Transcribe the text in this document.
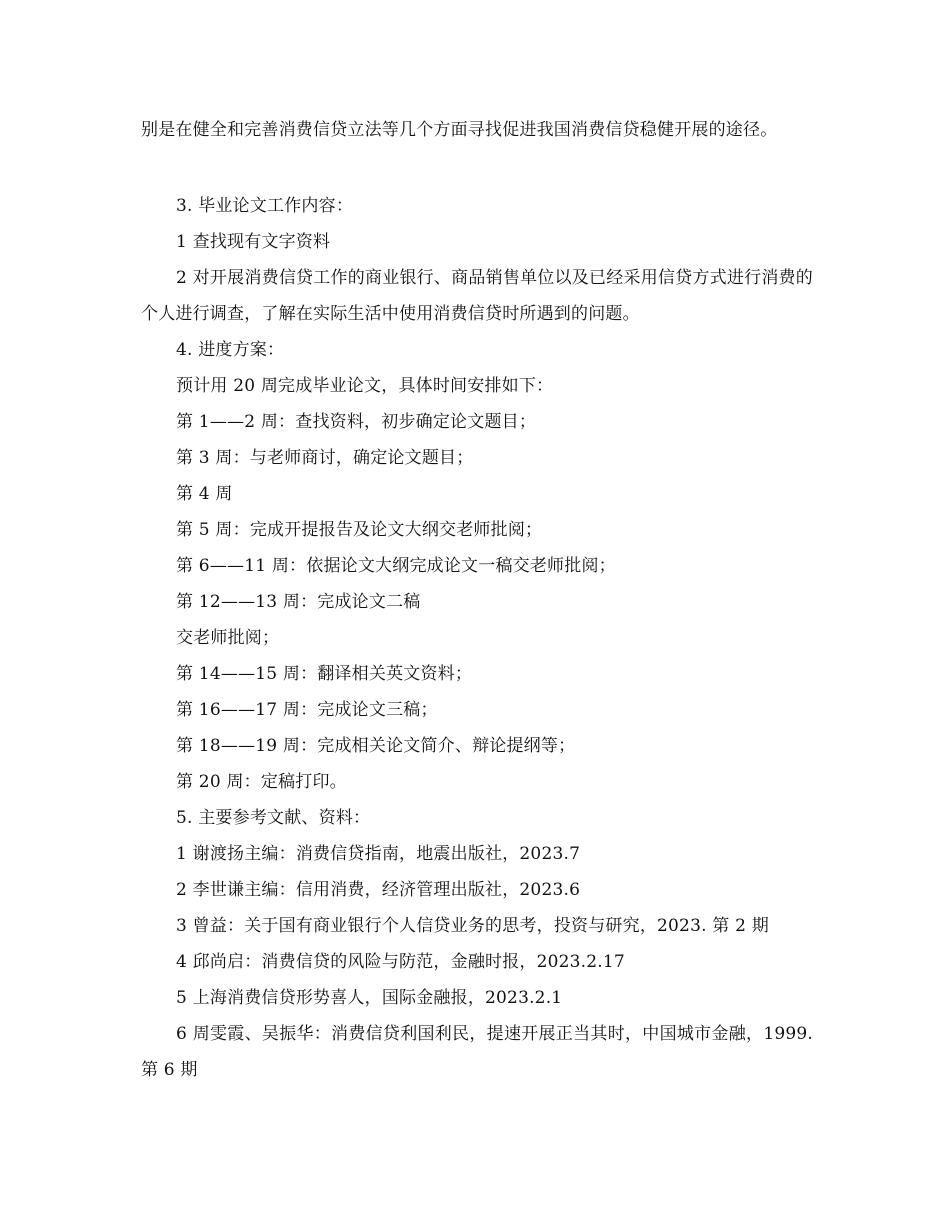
别是在健全和完善消费信贷立法等几个方面寻找促进我国消费信贷稳健开展的途径。
3. 毕业论文工作内容：
1 查找现有文字资料
2 对开展消费信贷工作的商业银行、商品销售单位以及已经采用信贷方式进行消费的个人进行调查，了解在实际生活中使用消费信贷时所遇到的问题。
4. 进度方案：
预计用 20 周完成毕业论文，具体时间安排如下：
第 1——2 周：查找资料，初步确定论文题目；
第 3 周：与老师商讨，确定论文题目；
第 4 周
第 5 周：完成开提报告及论文大纲交老师批阅；
第 6——11 周：依据论文大纲完成论文一稿交老师批阅；
第 12——13 周：完成论文二稿
交老师批阅；
第 14——15 周：翻译相关英文资料；
第 16——17 周：完成论文三稿；
第 18——19 周：完成相关论文简介、辩论提纲等；
第 20 周：定稿打印。
5. 主要参考文献、资料：
1 谢渡扬主编：消费信贷指南，地震出版社，2023.7
2 李世谦主编：信用消费，经济管理出版社，2023.6
3 曾益：关于国有商业银行个人信贷业务的思考，投资与研究，2023. 第 2 期
4 邱尚启：消费信贷的风险与防范，金融时报，2023.2.17
5 上海消费信贷形势喜人，国际金融报，2023.2.1
6 周雯霞、吴振华：消费信贷利国利民，提速开展正当其时，中国城市金融，1999. 第 6 期
